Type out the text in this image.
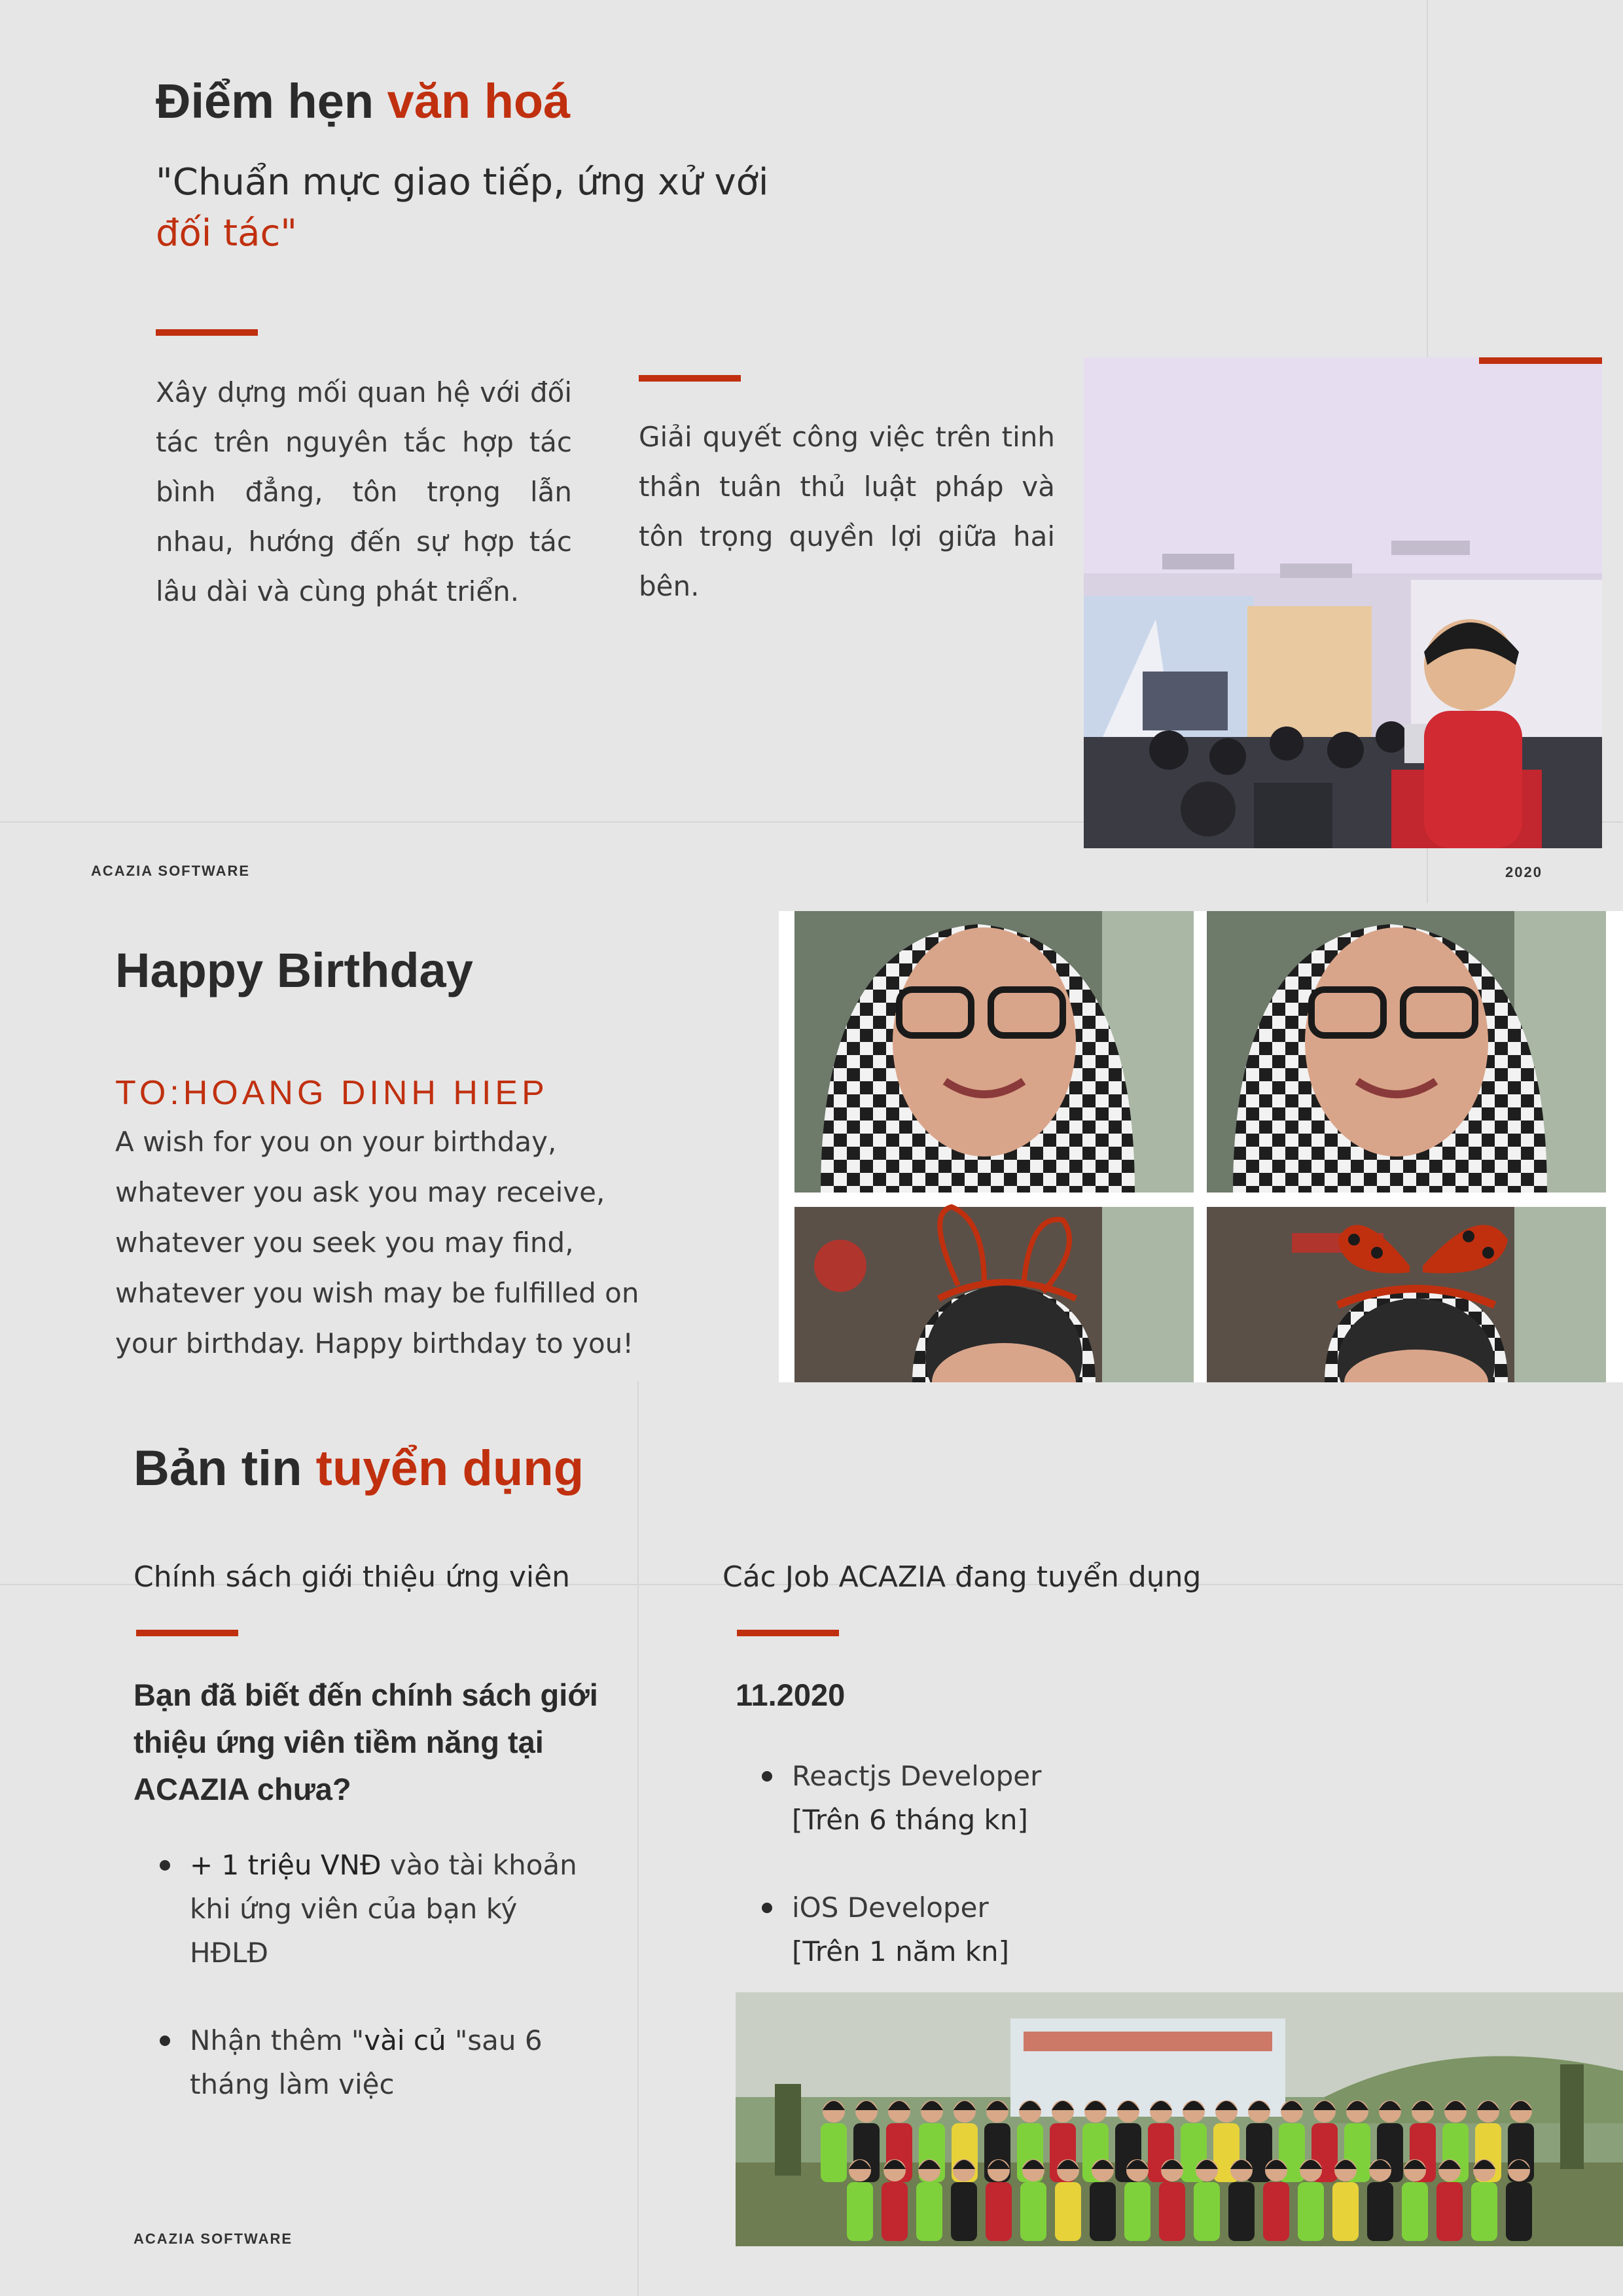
Điểm hẹn văn hoá
"Chuẩn mực giao tiếp, ứng xử với
đối tác"

Xây dựng mối quan hệ với đối tác trên nguyên tắc hợp tác bình đẳng, tôn trọng lẫn nhau, hướng đến sự hợp tác lâu dài và cùng phát triển.

Giải quyết công việc trên tinh thần tuân thủ luật pháp và tôn trọng quyền lợi giữa hai bên.

ACAZIA SOFTWARE	2020
Happy Birthday
TO:HOANG DINH HIEP

A wish for you on your birthday, whatever you ask you may receive, whatever you seek you may find, whatever you wish may be fulfilled on your birthday. Happy birthday to you!

Bản tin tuyển dụng
Chính sách giới thiệu ứng viên

Bạn đã biết đến chính sách giới thiệu ứng viên tiềm năng tại ACAZIA chưa?

+ 1 triệu VNĐ vào tài khoản khi ứng viên của bạn ký HĐLĐ
Nhận thêm "vài củ "sau 6 tháng làm việc
ACAZIA SOFTWARE
Các Job ACAZIA đang tuyển dụng
11.2020
Reactjs Developer
[Trên 6 tháng kn]
iOS Developer
[Trên 1 năm kn]
